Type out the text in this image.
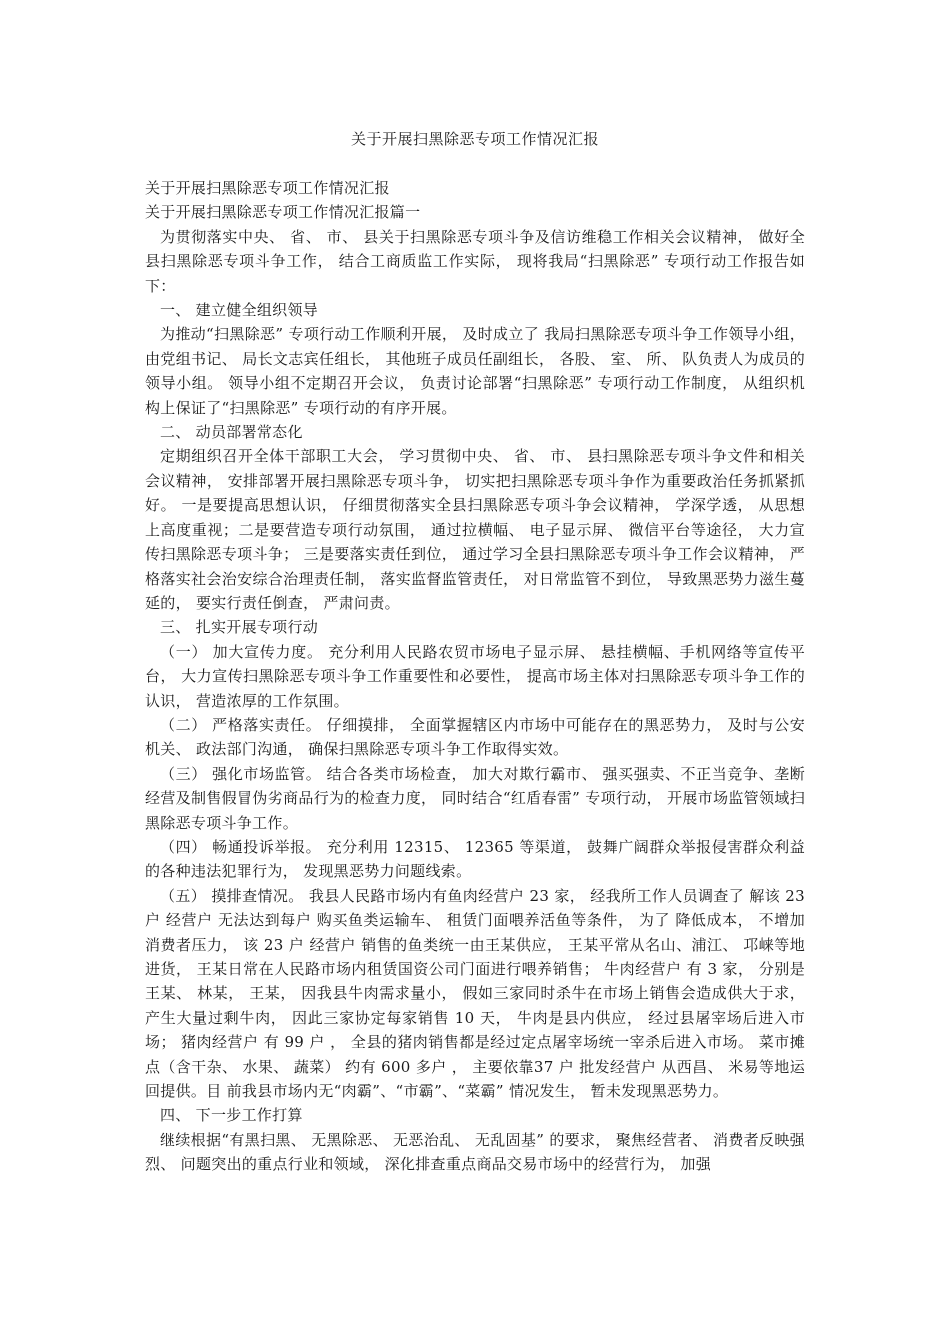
关于开展扫黑除恶专项工作情况汇报

关于开展扫黑除恶专项工作情况汇报

关于开展扫黑除恶专项工作情况汇报篇一

为贯彻落实中央、 省、 市、 县关于扫黑除恶专项斗争及信访维稳工作相关会议精神， 做好全县扫黑除恶专项斗争工作， 结合工商质监工作实际， 现将我局“扫黑除恶” 专项行动工作报告如下：

一、 建立健全组织领导

为推动“扫黑除恶” 专项行动工作顺利开展， 及时成立了 我局扫黑除恶专项斗争工作领导小组，由党组书记、 局长文志宾任组长， 其他班子成员任副组长， 各股、 室、 所、 队负责人为成员的领导小组。 领导小组不定期召开会议， 负责讨论部署“扫黑除恶” 专项行动工作制度， 从组织机构上保证了“扫黑除恶” 专项行动的有序开展。

二、 动员部署常态化

定期组织召开全体干部职工大会， 学习贯彻中央、 省、 市、 县扫黑除恶专项斗争文件和相关会议精神， 安排部署开展扫黑除恶专项斗争， 切实把扫黑除恶专项斗争作为重要政治任务抓紧抓好。 一是要提高思想认识， 仔细贯彻落实全县扫黑除恶专项斗争会议精神， 学深学透， 从思想上高度重视；二是要营造专项行动氛围， 通过拉横幅、 电子显示屏、 微信平台等途径， 大力宣传扫黑除恶专项斗争； 三是要落实责任到位， 通过学习全县扫黑除恶专项斗争工作会议精神， 严格落实社会治安综合治理责任制， 落实监督监管责任， 对日常监管不到位， 导致黑恶势力滋生蔓延的， 要实行责任倒查， 严肃问责。

三、 扎实开展专项行动

（一） 加大宣传力度。 充分利用人民路农贸市场电子显示屏、 悬挂横幅、手机网络等宣传平台， 大力宣传扫黑除恶专项斗争工作重要性和必要性， 提高市场主体对扫黑除恶专项斗争工作的认识， 营造浓厚的工作氛围。

（二） 严格落实责任。 仔细摸排， 全面掌握辖区内市场中可能存在的黑恶势力， 及时与公安机关、 政法部门沟通， 确保扫黑除恶专项斗争工作取得实效。

（三） 强化市场监管。 结合各类市场检查， 加大对欺行霸市、 强买强卖、不正当竞争、垄断经营及制售假冒伪劣商品行为的检查力度， 同时结合“红盾春雷” 专项行动， 开展市场监管领域扫黑除恶专项斗争工作。

（四） 畅通投诉举报。 充分利用 12315、 12365 等渠道， 鼓舞广阔群众举报侵害群众利益的各种违法犯罪行为， 发现黑恶势力问题线索。

（五） 摸排查情况。 我县人民路市场内有鱼肉经营户 23 家， 经我所工作人员调查了 解该 23 户 经营户 无法达到每户 购买鱼类运输车、 租赁门面喂养活鱼等条件， 为了 降低成本， 不增加消费者压力， 该 23 户 经营户 销售的鱼类统一由王某供应， 王某平常从名山、浦江、 邛崃等地进货， 王某日常在人民路市场内租赁国资公司门面进行喂养销售； 牛肉经营户 有 3 家， 分别是王某、 林某， 王某， 因我县牛肉需求量小， 假如三家同时杀牛在市场上销售会造成供大于求， 产生大量过剩牛肉， 因此三家协定每家销售 10 天， 牛肉是县内供应， 经过县屠宰场后进入市场； 猪肉经营户 有 99 户 ， 全县的猪肉销售都是经过定点屠宰场统一宰杀后进入市场。 菜市摊点（含干杂、 水果、 蔬菜） 约有 600 多户 ， 主要依靠37 户 批发经营户 从西昌、 米易等地运回提供。目 前我县市场内无“肉霸”、“市霸”、“菜霸” 情况发生， 暂未发现黑恶势力。

四、 下一步工作打算

继续根据“有黑扫黑、 无黑除恶、 无恶治乱、 无乱固基” 的要求， 聚焦经营者、 消费者反映强烈、 问题突出的重点行业和领域， 深化排查重点商品交易市场中的经营行为， 加强
